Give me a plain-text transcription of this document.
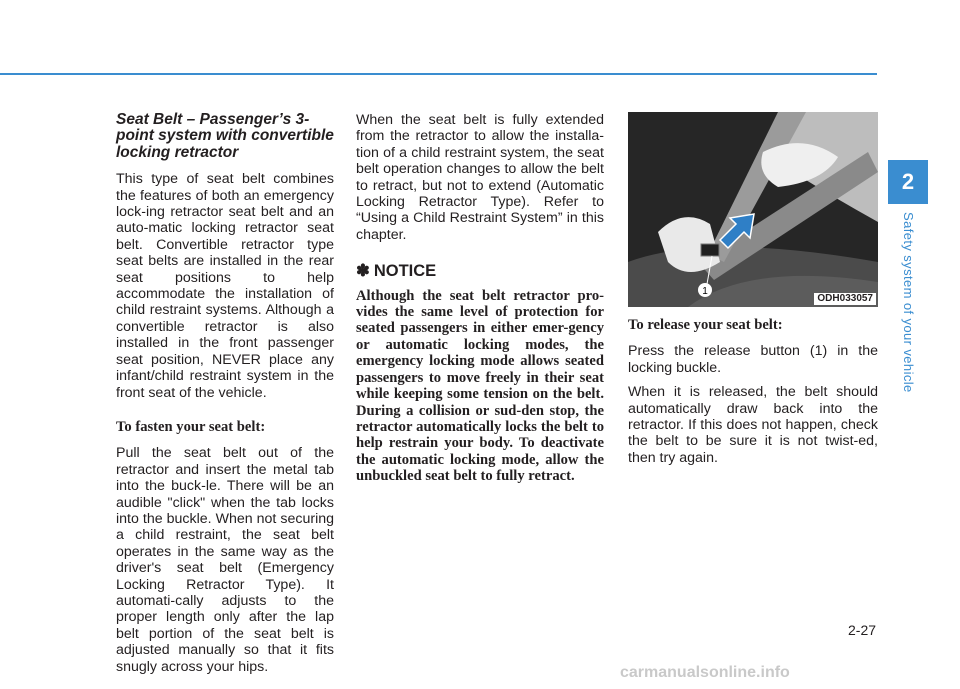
Seat Belt – Passenger’s 3-point system with convertible locking retractor

This type of seat belt combines the features of both an emergency lock-ing retractor seat belt and an auto-matic locking retractor seat belt. Convertible retractor type seat belts are installed in the rear seat positions to help accommodate the installation of child restraint systems. Although a convertible retractor is also installed in the front passenger seat position, NEVER place any infant/child restraint system in the front seat of the vehicle.

To fasten your seat belt:

Pull the seat belt out of the retractor and insert the metal tab into the buck-le. There will be an audible "click" when the tab locks into the buckle. When not securing a child restraint, the seat belt operates in the same way as the driver's seat belt (Emergency Locking Retractor Type). It automati-cally adjusts to the proper length only after the lap belt portion of the seat belt is adjusted manually so that it fits snugly across your hips.

When the seat belt is fully extended from the retractor to allow the installa-tion of a child restraint system, the seat belt operation changes to allow the belt to retract, but not to extend (Automatic Locking Retractor Type). Refer to “Using a Child Restraint System” in this chapter.

✽ NOTICE

Although the seat belt retractor pro-vides the same level of protection for seated passengers in either emer-gency or automatic locking modes, the emergency locking mode allows seated passengers to move freely in their seat while keeping some tension on the belt. During a collision or sud-den stop, the retractor automatically locks the belt to help restrain your body. To deactivate the automatic locking mode, allow the unbuckled seat belt to fully retract.

1
ODH033057
To release your seat belt:

Press the release button (1) in the locking buckle.

When it is released, the belt should automatically draw back into the retractor. If this does not happen, check the belt to be sure it is not twist-ed, then try again.

2
Safety system of your vehicle
2-27
carmanualsonline.info
